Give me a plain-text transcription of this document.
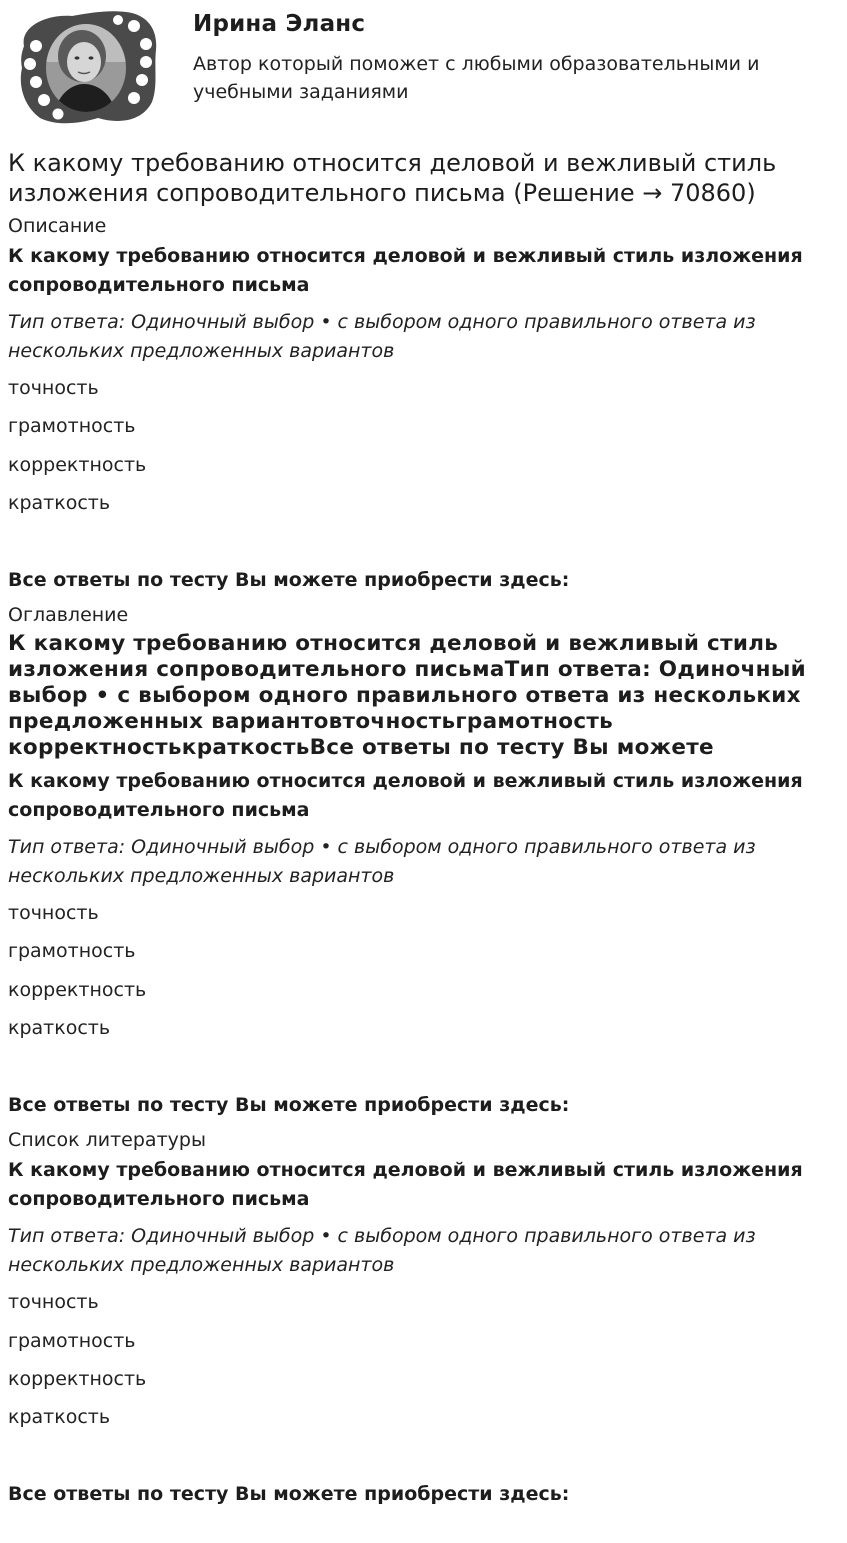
Ирина Эланс
Автор который поможет с любыми образовательными и учебными заданиями
К какому требованию относится деловой и вежливый стиль изложения сопроводительного письма (Решение → 70860)
Описание
К какому требованию относится деловой и вежливый стиль изложения сопроводительного письма
Тип ответа: Одиночный выбор • с выбором одного правильного ответа из нескольких предложенных вариантов
точность
грамотность
корректность
краткость
Все ответы по тесту Вы можете приобрести здесь:
Оглавление
К какому требованию относится деловой и вежливый стиль изложения сопроводительного письмаТип ответа: Одиночный выбор • с выбором одного правильного ответа из нескольких предложенных вариантовточностьграмотность корректностькраткостьВсе ответы по тесту Вы можете
К какому требованию относится деловой и вежливый стиль изложения сопроводительного письма
Тип ответа: Одиночный выбор • с выбором одного правильного ответа из нескольких предложенных вариантов
точность
грамотность
корректность
краткость
Все ответы по тесту Вы можете приобрести здесь:
Список литературы
К какому требованию относится деловой и вежливый стиль изложения сопроводительного письма
Тип ответа: Одиночный выбор • с выбором одного правильного ответа из нескольких предложенных вариантов
точность
грамотность
корректность
краткость
Все ответы по тесту Вы можете приобрести здесь:
